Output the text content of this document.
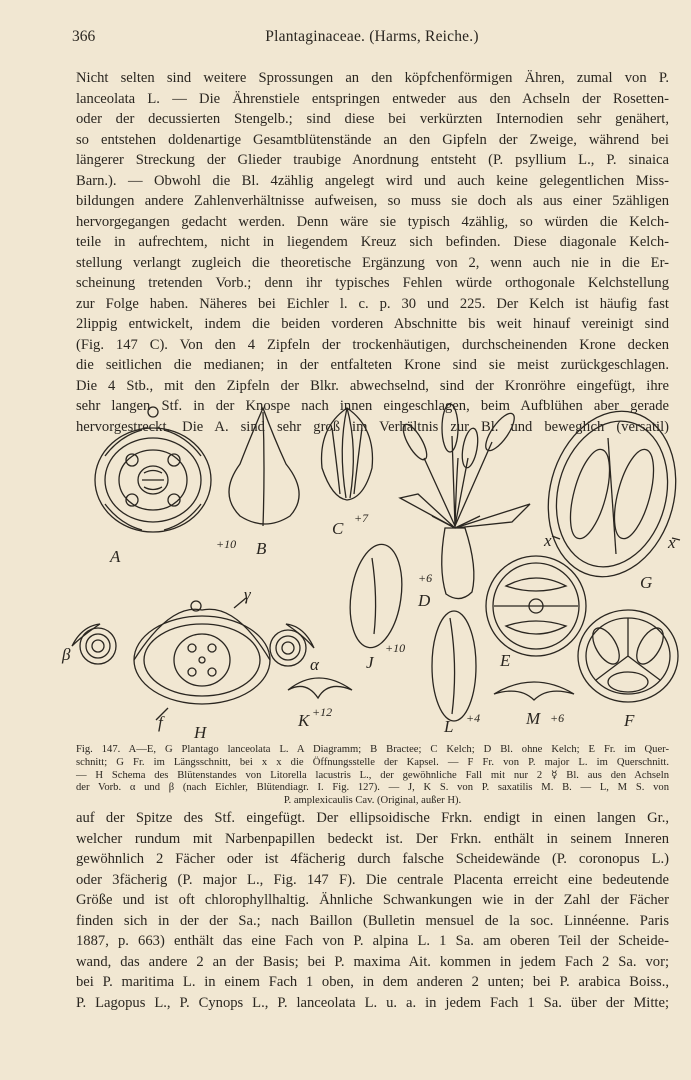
366	Plantaginaceae. (Harms, Reiche.)

Nicht selten sind weitere Sprossungen an den köpfchenförmigen Ähren, zumal von P.
lanceolata L. — Die Ährenstiele entspringen entweder aus den Achseln der Rosetten-
oder der decussierten Stengelb.; sind diese bei verkürzten Internodien sehr genähert,
so entstehen doldenartige Gesamtblütenstände an den Gipfeln der Zweige, während bei
längerer Streckung der Glieder traubige Anordnung entsteht (P. psyllium L., P. sinaica
Barn.). — Obwohl die Bl. 4zählig angelegt wird und auch keine gelegentlichen Miss-
bildungen andere Zahlenverhältnisse aufweisen, so muss sie doch als aus einer 5zähligen
hervorgegangen gedacht werden. Denn wäre sie typisch 4zählig, so würden die Kelch-
teile in aufrechtem, nicht in liegendem Kreuz sich befinden. Diese diagonale Kelch-
stellung verlangt zugleich die theoretische Ergänzung von 2, wenn auch nie in die Er-
scheinung tretenden Vorb.; denn ihr typisches Fehlen würde orthogonale Kelchstellung
zur Folge haben. Näheres bei Eichler l. c. p. 30 und 225. Der Kelch ist häufig fast
2lippig entwickelt, indem die beiden vorderen Abschnitte bis weit hinauf vereinigt sind
(Fig. 147 C). Von den 4 Zipfeln der trockenhäutigen, durchscheinenden Krone decken
die seitlichen die medianen; in der entfalteten Krone sind sie meist zurückgeschlagen.
Die 4 Stb., mit den Zipfeln der Blkr. abwechselnd, sind der Kronröhre eingefügt, ihre
sehr langen Stf. in der Knospe nach innen eingeschlagen, beim Aufblühen aber gerade
hervorgestreckt. Die A. sind sehr groß im Verhältnis zur Bl. und beweglich (versatil)

A
+10 B
C
+7
+6
D
+10
J	E
G
F
x	x
γ
β
α
f
H
K +12
L +4	M +6

Fig. 147. A—E, G Plantago lanceolata L. A Diagramm; B Bractee; C Kelch; D Bl. ohne Kelch; E Fr. im Quer-
schnitt; G Fr. im Längsschnitt, bei x x die Öffnungsstelle der Kapsel. — F Fr. von P. major L. im Querschnitt.
— H Schema des Blütenstandes von Litorella lacustris L., der gewöhnliche Fall mit nur 2 ☿ Bl. aus den Achseln
der Vorb. α und β (nach Eichler, Blütendiagr. I. Fig. 127). — J, K S. von P. saxatilis M. B. — L, M S. von
P. amplexicaulis Cav. (Original, außer H).

auf der Spitze des Stf. eingefügt. Der ellipsoidische Frkn. endigt in einen langen Gr.,
welcher rundum mit Narbenpapillen bedeckt ist. Der Frkn. enthält in seinem Inneren
gewöhnlich 2 Fächer oder ist 4fächerig durch falsche Scheidewände (P. coronopus L.)
oder 3fächerig (P. major L., Fig. 147 F). Die centrale Placenta erreicht eine bedeutende
Größe und ist oft chlorophyllhaltig. Ähnliche Schwankungen wie in der Zahl der Fächer
finden sich in der der Sa.; nach Baillon (Bulletin mensuel de la soc. Linnéenne. Paris
1887, p. 663) enthält das eine Fach von P. alpina L. 1 Sa. am oberen Teil der Scheide-
wand, das andere 2 an der Basis; bei P. maxima Ait. kommen in jedem Fach 2 Sa. vor;
bei P. maritima L. in einem Fach 1 oben, in dem anderen 2 unten; bei P. arabica Boiss.,
P. Lagopus L., P. Cynops L., P. lanceolata L. u. a. in jedem Fach 1 Sa. über der Mitte;
